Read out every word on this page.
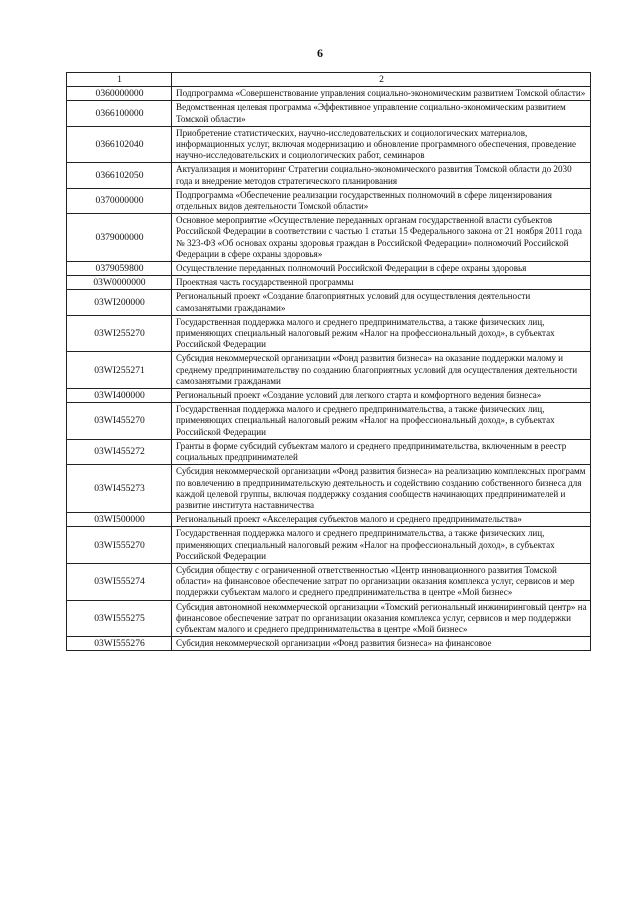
6
1	2
0360000000	Подпрограмма «Совершенствование управления социально-экономическим развитием Томской области»
0366100000	Ведомственная целевая программа «Эффективное управление социально-экономическим развитием Томской области»
0366102040	Приобретение статистических, научно-исследовательских и социологических материалов, информационных услуг, включая модернизацию и обновление программного обеспечения, проведение научно-исследовательских и социологических работ, семинаров
0366102050	Актуализация и мониторинг Стратегии социально-экономического развития Томской области до 2030 года и внедрение методов стратегического планирования
0370000000	Подпрограмма «Обеспечение реализации государственных полномочий в сфере лицензирования отдельных видов деятельности Томской области»
0379000000	Основное мероприятие «Осуществление переданных органам государственной власти субъектов Российской Федерации в соответствии с частью 1 статьи 15 Федерального закона от 21 ноября 2011 года № 323-ФЗ «Об основах охраны здоровья граждан в Российской Федерации» полномочий Российской Федерации в сфере охраны здоровья»
0379059800	Осуществление переданных полномочий Российской Федерации в сфере охраны здоровья
03W0000000	Проектная часть государственной программы
03WI200000	Региональный проект «Создание благоприятных условий для осуществления деятельности самозанятыми гражданами»
03WI255270	Государственная поддержка малого и среднего предпринимательства, а также физических лиц, применяющих специальный налоговый режим «Налог на профессиональный доход», в субъектах Российской Федерации
03WI255271	Субсидия некоммерческой организации «Фонд развития бизнеса» на оказание поддержки малому и среднему предпринимательству по созданию благоприятных условий для осуществления деятельности самозанятыми гражданами
03WI400000	Региональный проект «Создание условий для легкого старта и комфортного ведения бизнеса»
03WI455270	Государственная поддержка малого и среднего предпринимательства, а также физических лиц, применяющих специальный налоговый режим «Налог на профессиональный доход», в субъектах Российской Федерации
03WI455272	Гранты в форме субсидий субъектам малого и среднего предпринимательства, включенным в реестр социальных предпринимателей
03WI455273	Субсидия некоммерческой организации «Фонд развития бизнеса» на реализацию комплексных программ по вовлечению в предпринимательскую деятельность и содействию созданию собственного бизнеса для каждой целевой группы, включая поддержку создания сообществ начинающих предпринимателей и развитие института наставничества
03WI500000	Региональный проект «Акселерация субъектов малого и среднего предпринимательства»
03WI555270	Государственная поддержка малого и среднего предпринимательства, а также физических лиц, применяющих специальный налоговый режим «Налог на профессиональный доход», в субъектах Российской Федерации
03WI555274	Субсидия обществу с ограниченной ответственностью «Центр инновационного развития Томской области» на финансовое обеспечение затрат по организации оказания комплекса услуг, сервисов и мер поддержки субъектам малого и среднего предпринимательства в центре «Мой бизнес»
03WI555275	Субсидия автономной некоммерческой организации «Томский региональный инжиниринговый центр» на финансовое обеспечение затрат по организации оказания комплекса услуг, сервисов и мер поддержки субъектам малого и среднего предпринимательства в центре «Мой бизнес»
03WI555276	Субсидия некоммерческой организации «Фонд развития бизнеса» на финансовое
